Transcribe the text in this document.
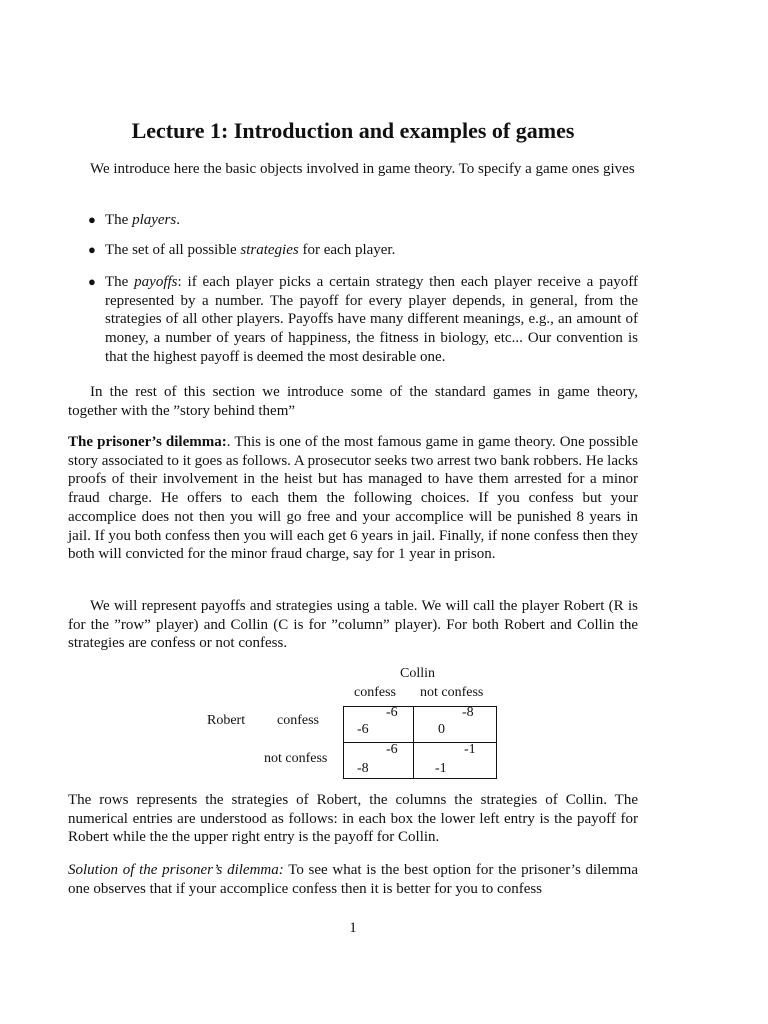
Lecture 1: Introduction and examples of games

We introduce here the basic objects involved in game theory. To specify a game ones gives

● The players.
● The set of all possible strategies for each player.
● The payoffs: if each player picks a certain strategy then each player receive a payoff represented by a number. The payoff for every player depends, in general, from the strategies of all other players. Payoffs have many different meanings, e.g., an amount of money, a number of years of happiness, the fitness in biology, etc... Our convention is that the highest payoff is deemed the most desirable one.

In the rest of this section we introduce some of the standard games in game theory, together with the ”story behind them”

The prisoner’s dilemma:. This is one of the most famous game in game theory. One possible story associated to it goes as follows. A prosecutor seeks two arrest two bank robbers. He lacks proofs of their involvement in the heist but has managed to have them arrested for a minor fraud charge. He offers to each them the following choices. If you confess but your accomplice does not then you will go free and your accomplice will be punished 8 years in jail. If you both confess then you will each get 6 years in jail. Finally, if none confess then they both will convicted for the minor fraud charge, say for 1 year in prison.

We will represent payoffs and strategies using a table. We will call the player Robert (R is for the ”row” player) and Collin (C is for ”column” player). For both Robert and Collin the strategies are confess or not confess.

Collin
confess not confess
Robert confess
not confess
-6
-6
-8
0
-6
-8
-1
-1

The rows represents the strategies of Robert, the columns the strategies of Collin. The numerical entries are understood as follows: in each box the lower left entry is the payoff for Robert while the the upper right entry is the payoff for Collin.

Solution of the prisoner’s dilemma: To see what is the best option for the prisoner’s dilemma one observes that if your accomplice confess then it is better for you to confess

1
